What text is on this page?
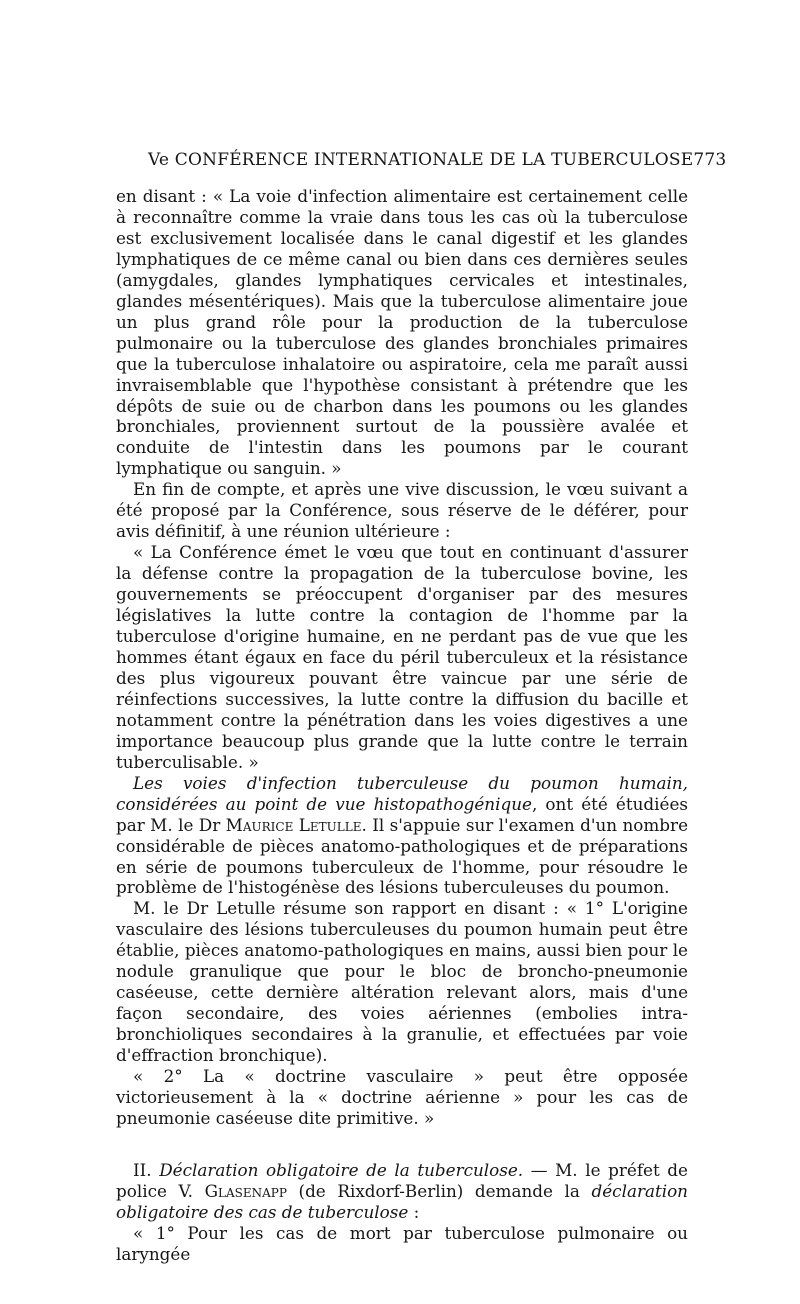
Ve CONFÉRENCE INTERNATIONALE DE LA TUBERCULOSE 773

en disant : « La voie d'infection alimentaire est certainement celle à reconnaître comme la vraie dans tous les cas où la tuberculose est exclusivement localisée dans le canal digestif et les glandes lymphatiques de ce même canal ou bien dans ces dernières seules (amygdales, glandes lymphatiques cervicales et intestinales, glandes mésentériques). Mais que la tuberculose alimentaire joue un plus grand rôle pour la production de la tuberculose pulmonaire ou la tuberculose des glandes bronchiales primaires que la tuberculose inhalatoire ou aspiratoire, cela me paraît aussi invraisemblable que l'hypothèse consistant à prétendre que les dépôts de suie ou de charbon dans les poumons ou les glandes bronchiales, proviennent surtout de la poussière avalée et conduite de l'intestin dans les poumons par le courant lymphatique ou sanguin. »

En fin de compte, et après une vive discussion, le vœu suivant a été proposé par la Conférence, sous réserve de le déférer, pour avis définitif, à une réunion ultérieure :

« La Conférence émet le vœu que tout en continuant d'assurer la défense contre la propagation de la tuberculose bovine, les gouvernements se préoccupent d'organiser par des mesures législatives la lutte contre la contagion de l'homme par la tuberculose d'origine humaine, en ne perdant pas de vue que les hommes étant égaux en face du péril tuberculeux et la résistance des plus vigoureux pouvant être vaincue par une série de réinfections successives, la lutte contre la diffusion du bacille et notamment contre la pénétration dans les voies digestives a une importance beaucoup plus grande que la lutte contre le terrain tuberculisable. »

Les voies d'infection tuberculeuse du poumon humain, considérées au point de vue histopathogénique, ont été étudiées par M. le Dr Maurice Letulle. Il s'appuie sur l'examen d'un nombre considérable de pièces anatomo-pathologiques et de préparations en série de poumons tuberculeux de l'homme, pour résoudre le problème de l'histogénèse des lésions tuberculeuses du poumon.

M. le Dr Letulle résume son rapport en disant : « 1° L'origine vasculaire des lésions tuberculeuses du poumon humain peut être établie, pièces anatomo-pathologiques en mains, aussi bien pour le nodule granulique que pour le bloc de broncho-pneumonie caséeuse, cette dernière altération relevant alors, mais d'une façon secondaire, des voies aériennes (embolies intra-bronchioliques secondaires à la granulie, et effectuées par voie d'effraction bronchique).

« 2° La « doctrine vasculaire » peut être opposée victorieusement à la « doctrine aérienne » pour les cas de pneumonie caséeuse dite primitive. »

II. Déclaration obligatoire de la tuberculose. — M. le préfet de police V. Glasenapp (de Rixdorf-Berlin) demande la déclaration obligatoire des cas de tuberculose :

« 1° Pour les cas de mort par tuberculose pulmonaire ou laryngée
